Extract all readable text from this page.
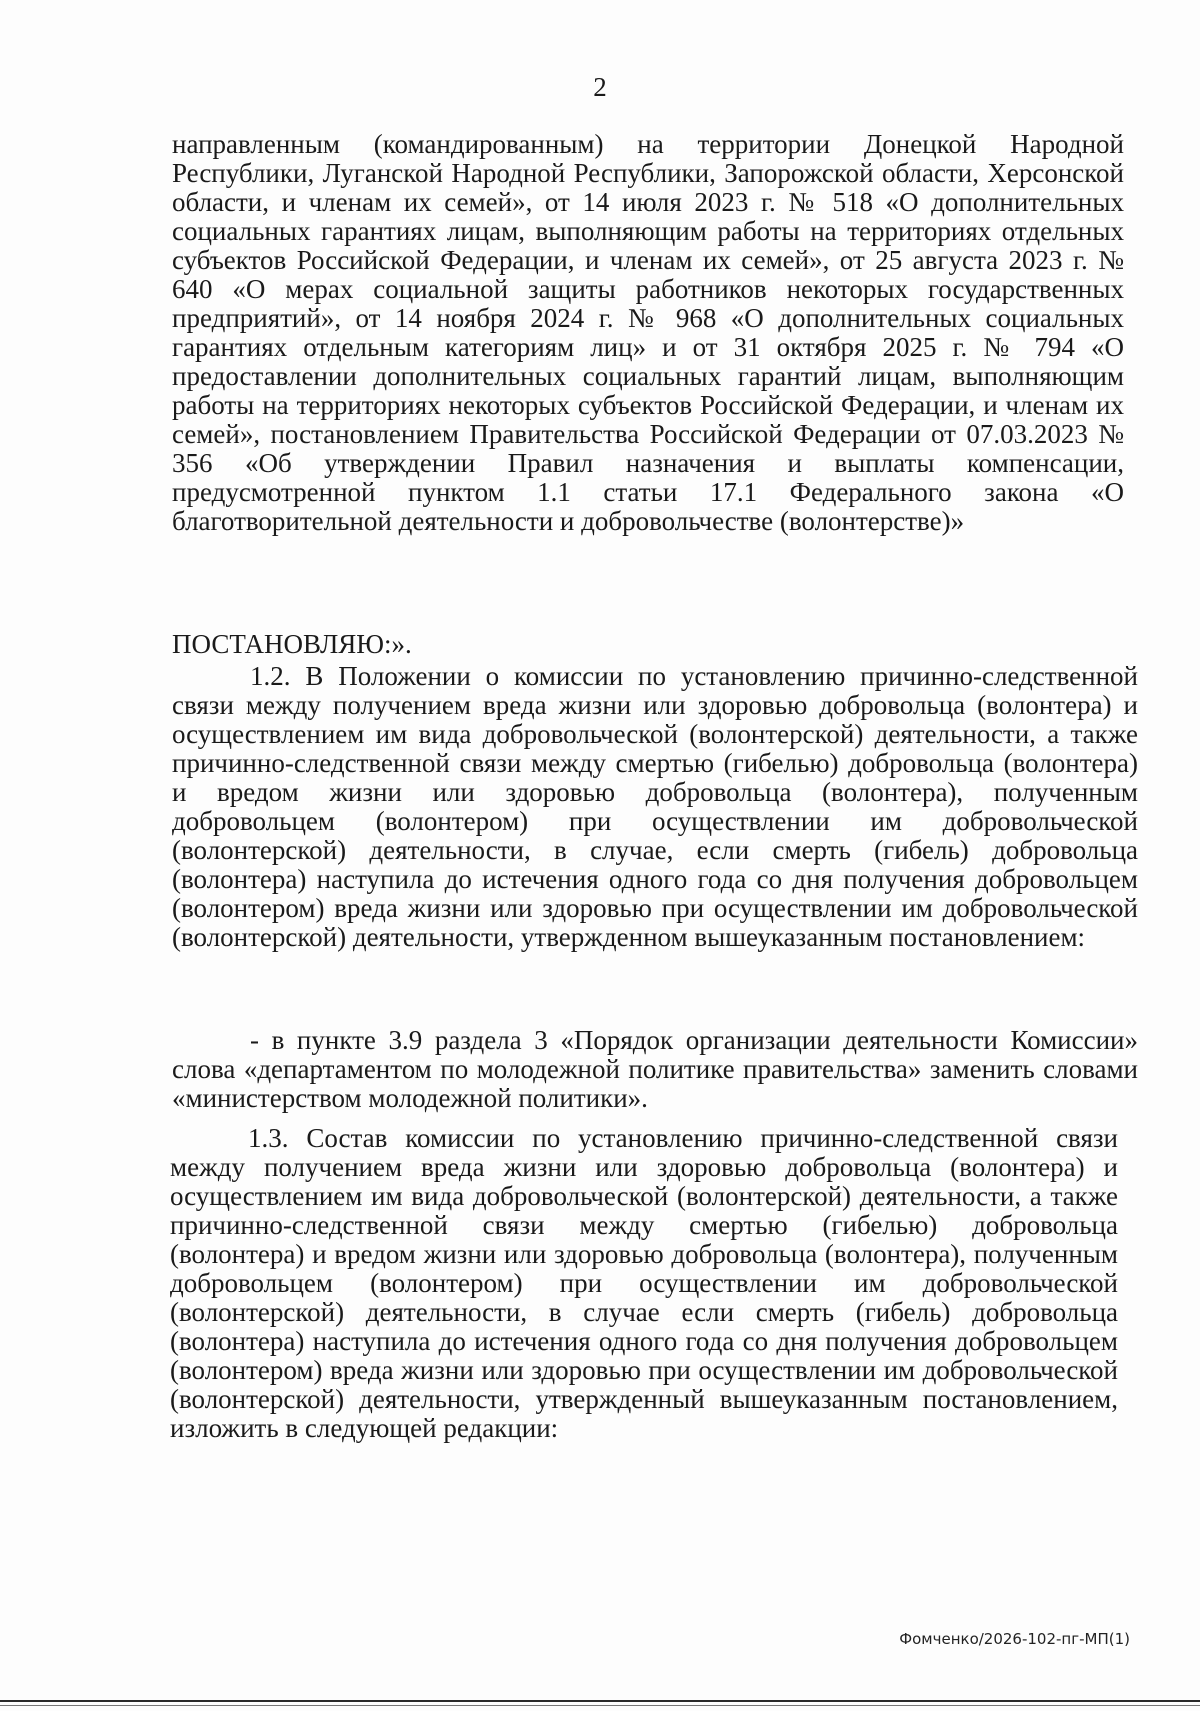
2

направленным (командированным) на территории Донецкой Народной Республики, Луганской Народной Республики, Запорожской области, Херсонской области, и членам их семей», от 14 июля 2023 г. № 518 «О дополнительных социальных гарантиях лицам, выполняющим работы на территориях отдельных субъектов Российской Федерации, и членам их семей», от 25 августа 2023 г. № 640 «О мерах социальной защиты работников некоторых государственных предприятий», от 14 ноября 2024 г. № 968 «О дополнительных социальных гарантиях отдельным категориям лиц» и от 31 октября 2025 г. № 794 «О предоставлении дополнительных социальных гарантий лицам, выполняющим работы на территориях некоторых субъектов Российской Федерации, и членам их семей», постановлением Правительства Российской Федерации от 07.03.2023 № 356 «Об утверждении Правил назначения и выплаты компенсации, предусмотренной пунктом 1.1 статьи 17.1 Федерального закона «О благотворительной деятельности и добровольчестве (волонтерстве)»

ПОСТАНОВЛЯЮ:».

1.2. В Положении о комиссии по установлению причинно-следственной связи между получением вреда жизни или здоровью добровольца (волонтера) и осуществлением им вида добровольческой (волонтерской) деятельности, а также причинно-следственной связи между смертью (гибелью) добровольца (волонтера) и вредом жизни или здоровью добровольца (волонтера), полученным добровольцем (волонтером) при осуществлении им добровольческой (волонтерской) деятельности, в случае, если смерть (гибель) добровольца (волонтера) наступила до истечения одного года со дня получения добровольцем (волонтером) вреда жизни или здоровью при осуществлении им добровольческой (волонтерской) деятельности, утвержденном вышеуказанным постановлением:

- в пункте 3.9 раздела 3 «Порядок организации деятельности Комиссии» слова «департаментом по молодежной политике правительства» заменить словами «министерством молодежной политики».

1.3. Состав комиссии по установлению причинно-следственной связи между получением вреда жизни или здоровью добровольца (волонтера) и осуществлением им вида добровольческой (волонтерской) деятельности, а также причинно-следственной связи между смертью (гибелью) добровольца (волонтера) и вредом жизни или здоровью добровольца (волонтера), полученным добровольцем (волонтером) при осуществлении им добровольческой (волонтерской) деятельности, в случае если смерть (гибель) добровольца (волонтера) наступила до истечения одного года со дня получения добровольцем (волонтером) вреда жизни или здоровью при осуществлении им добровольческой (волонтерской) деятельности, утвержденный вышеуказанным постановлением, изложить в следующей редакции:

Фомченко/2026-102-пг-МП(1)
